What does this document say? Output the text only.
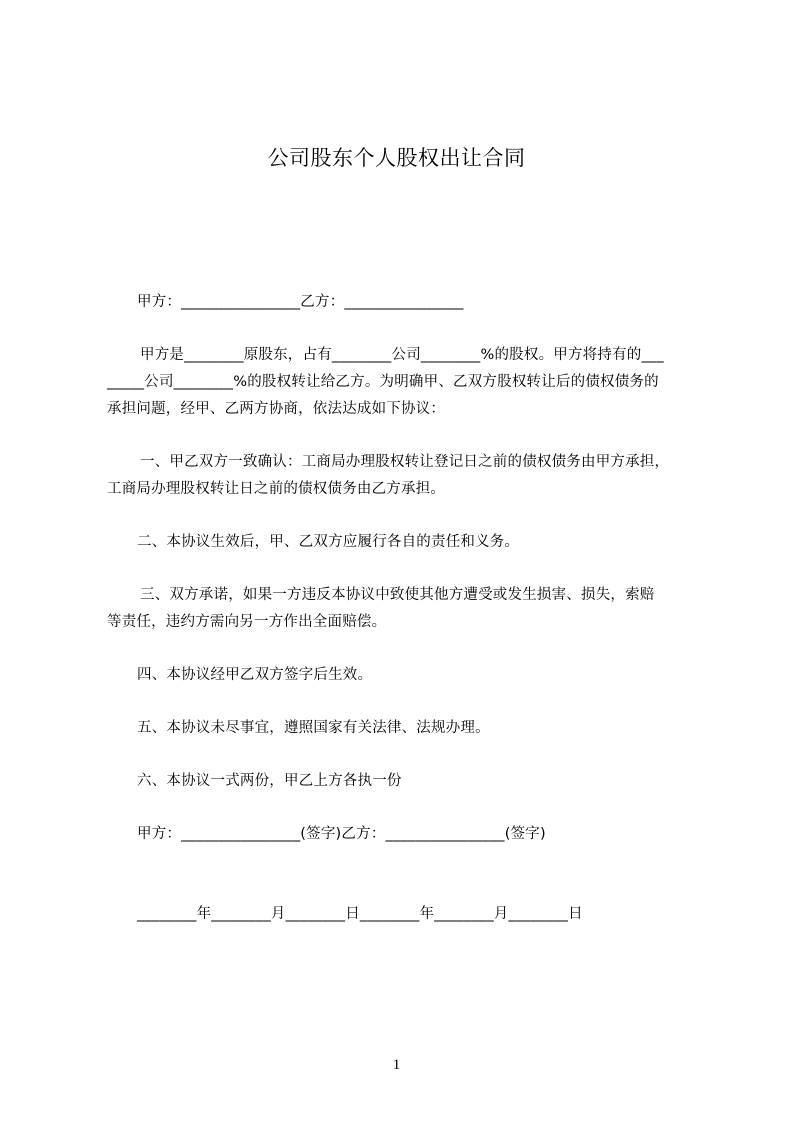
公司股东个人股权出让合同
甲方：________________乙方：________________
甲方是________原股东，占有________公司________%的股权。甲方将持有的___
_____公司________%的股权转让给乙方。为明确甲、乙双方股权转让后的债权债务的
承担问题，经甲、乙两方协商，依法达成如下协议：
一、甲乙双方一致确认：工商局办理股权转让登记日之前的债权债务由甲方承担，
工商局办理股权转让日之前的债权债务由乙方承担。
二、本协议生效后，甲、乙双方应履行各自的责任和义务。
三、双方承诺，如果一方违反本协议中致使其他方遭受或发生损害、损失，索赔
等责任，违约方需向另一方作出全面赔偿。
四、本协议经甲乙双方签字后生效。
五、本协议未尽事宜，遵照国家有关法律、法规办理。
六、本协议一式两份，甲乙上方各执一份
甲方：________________(签字)乙方：________________(签字)
________年________月________日________年________月________日
1
